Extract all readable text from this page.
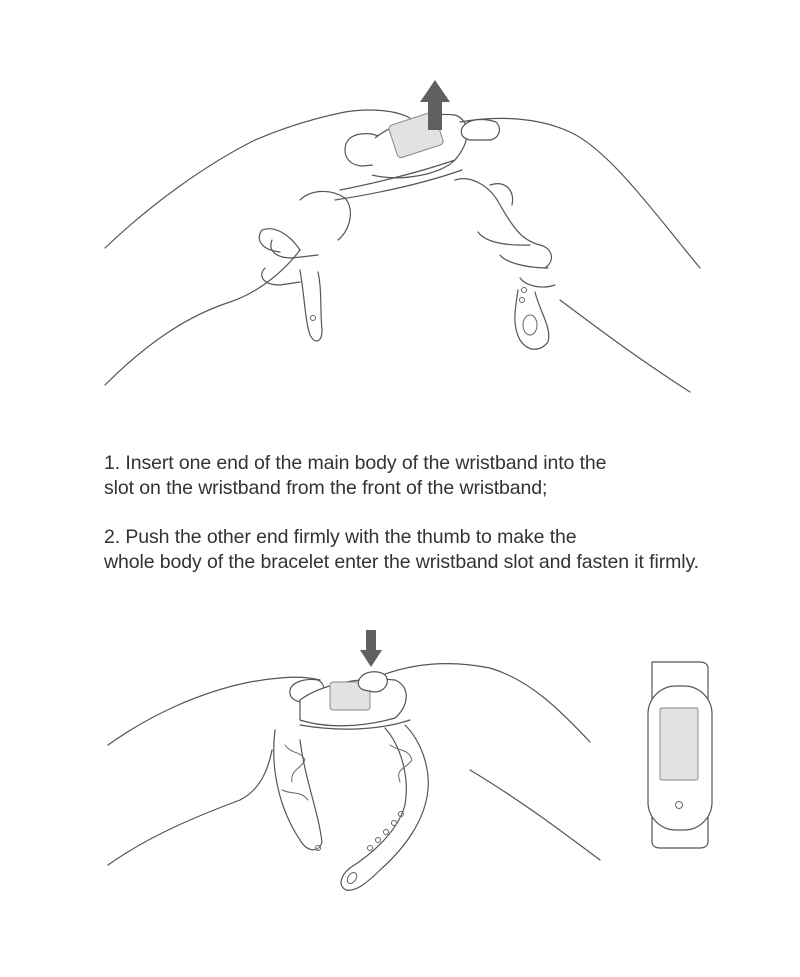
1. Insert one end of the main body of the wristband into the
slot on the wristband from the front of the wristband;

2. Push the other end firmly with the thumb to make the
whole body of the bracelet enter the wristband slot and fasten it firmly.
